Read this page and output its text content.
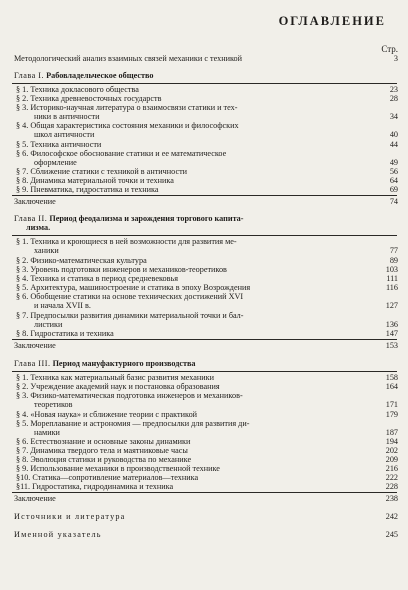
ОГЛАВЛЕНИЕ
Стр.
Методологический анализ взаимных связей механики с техникой	3
Глава I. Рабовладельческое общество
§ 1. Техника докласового общества	23
§ 2. Техника древневосточных государств	28
§ 3. Историко-научная литература о взаимосвязи статики и тех-
ники в античности	34
§ 4. Общая характеристика состояния механики и философских
школ античности	40
§ 5. Техника античности	44
§ 6. Философское обоснование статики и ее математическое
оформление	49
§ 7. Сближение статики с техникой в античности	56
§ 8. Динамика материальной точки и техника	64
§ 9. Пневматика, гидростатика и техника	69
Заключение	74
Глава II. Период феодализма и зарождения торгового капита-
лизма.
§ 1. Техника и кроющиеся в ней возможности для развития ме-
ханики	77
§ 2. Физико-математическая культура	89
§ 3. Уровень подготовки инженеров и механиков-теоретиков	103
§ 4. Техника и статика в период средневековья	111
§ 5. Архитектура, машиностроение и статика в эпоху Возрождения	116
§ 6. Обобщение статики на основе технических достижений XVI
и начала XVII в.	127
§ 7. Предпосылки развития динамики материальной точки и бал-
листики	136
§ 8. Гидростатика и техника	147
Заключение	153
Глава III. Период мануфактурного производства
§ 1. Техника как материальный базис развития механики	158
§ 2. Учреждение академий наук и постановка образования	164
§ 3. Физико-математическая подготовка инженеров и механиков-
теоретиков	171
§ 4. «Новая наука» и сближение теории с практикой	179
§ 5. Мореплавание и астрономия — предпосылки для развития ди-
намики	187
§ 6. Естествознание и основные законы динамики	194
§ 7. Динамика твердого тела и маятниковые часы	202
§ 8. Эволюция статики и руководства по механике	209
§ 9. Использование механики в производственной технике	216
§10. Статика—сопротивление материалов—техника	222
§11. Гидростатика, гидродинамика и техника	228
Заключение	238
Источники и литература	242
Именной указатель	245
